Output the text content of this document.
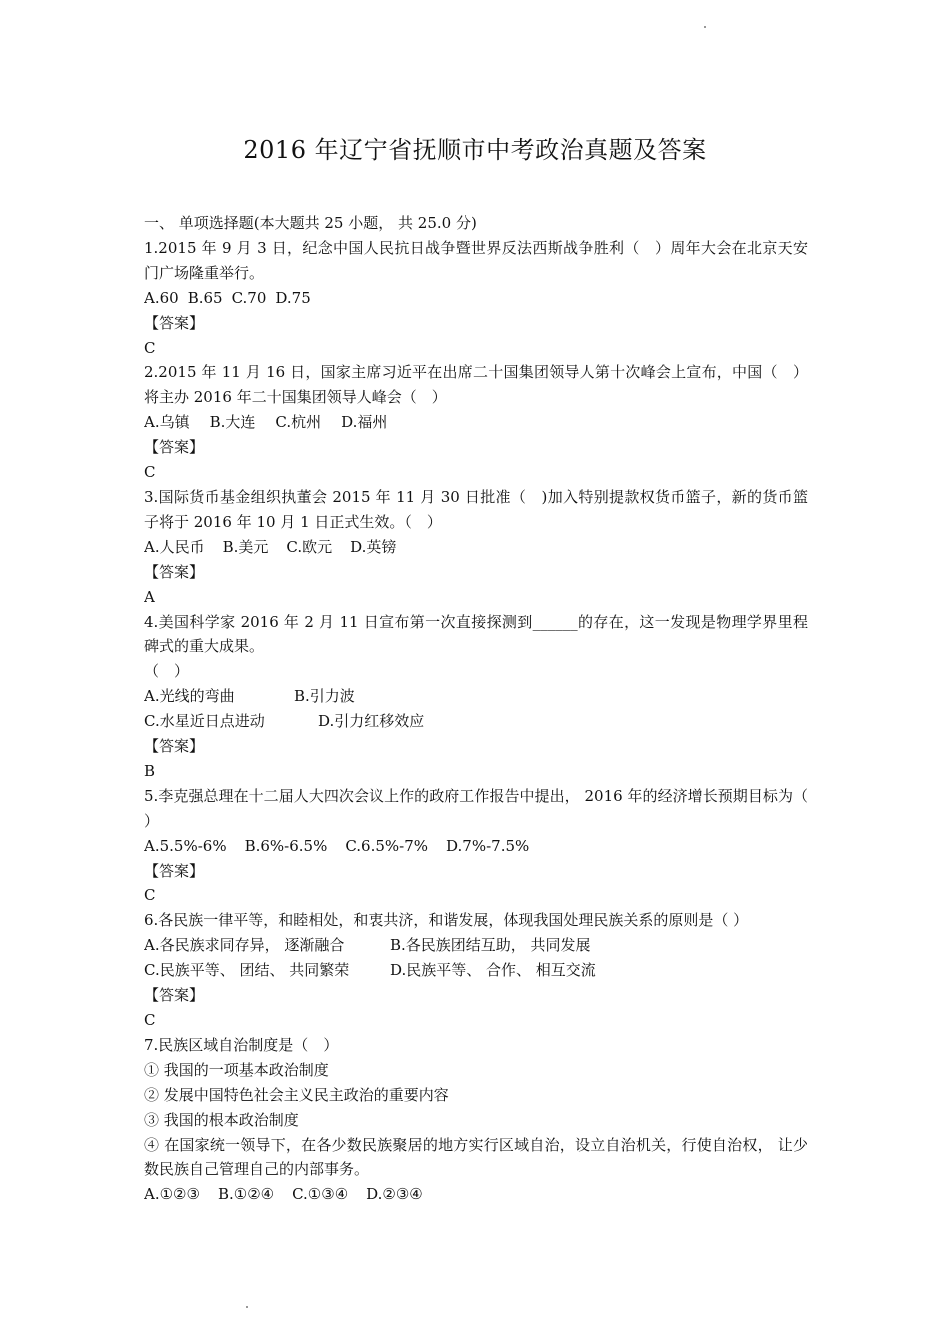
2016 年辽宁省抚顺市中考政治真题及答案
一、 单项选择题(本大题共 25 小题， 共 25.0 分)
1.2015 年 9 月 3 日，纪念中国人民抗日战争暨世界反法西斯战争胜利（　）周年大会在北京天安门广场隆重举行。
A.60 B.65 C.70 D.75
【答案】
C
2.2015 年 11 月 16 日，国家主席习近平在出席二十国集团领导人第十次峰会上宣布，中国（　）将主办 2016 年二十国集团领导人峰会（　）
A.乌镇 B.大连 C.杭州 D.福州
【答案】
C
3.国际货币基金组织执董会 2015 年 11 月 30 日批准（　)加入特别提款权货币篮子，新的货币篮子将于 2016 年 10 月 1 日正式生效。（　）
A.人民币 B.美元 C.欧元 D.英镑
【答案】
A
4.美国科学家 2016 年 2 月 11 日宣布第一次直接探测到______的存在，这一发现是物理学界里程碑式的重大成果。
（　）
A.光线的弯曲	B.引力波
C.水星近日点进动	D.引力红移效应
【答案】
B
5.李克强总理在十二届人大四次会议上作的政府工作报告中提出， 2016 年的经济增长预期目标为（ ）
A.5.5%-6% B.6%-6.5% C.6.5%-7% D.7%-7.5%
【答案】
C
6.各民族一律平等，和睦相处，和衷共济，和谐发展，体现我国处理民族关系的原则是（ ）
A.各民族求同存异， 逐渐融合	B.各民族团结互助， 共同发展
C.民族平等、 团结、 共同繁荣	D.民族平等、 合作、 相互交流
【答案】
C
7.民族区域自治制度是（　）
① 我国的一项基本政治制度
② 发展中国特色社会主义民主政治的重要内容
③ 我国的根本政治制度
④ 在国家统一领导下，在各少数民族聚居的地方实行区域自治，设立自治机关，行使自治权， 让少数民族自己管理自己的内部事务。
A.①②③ B.①②④ C.①③④ D.②③④
